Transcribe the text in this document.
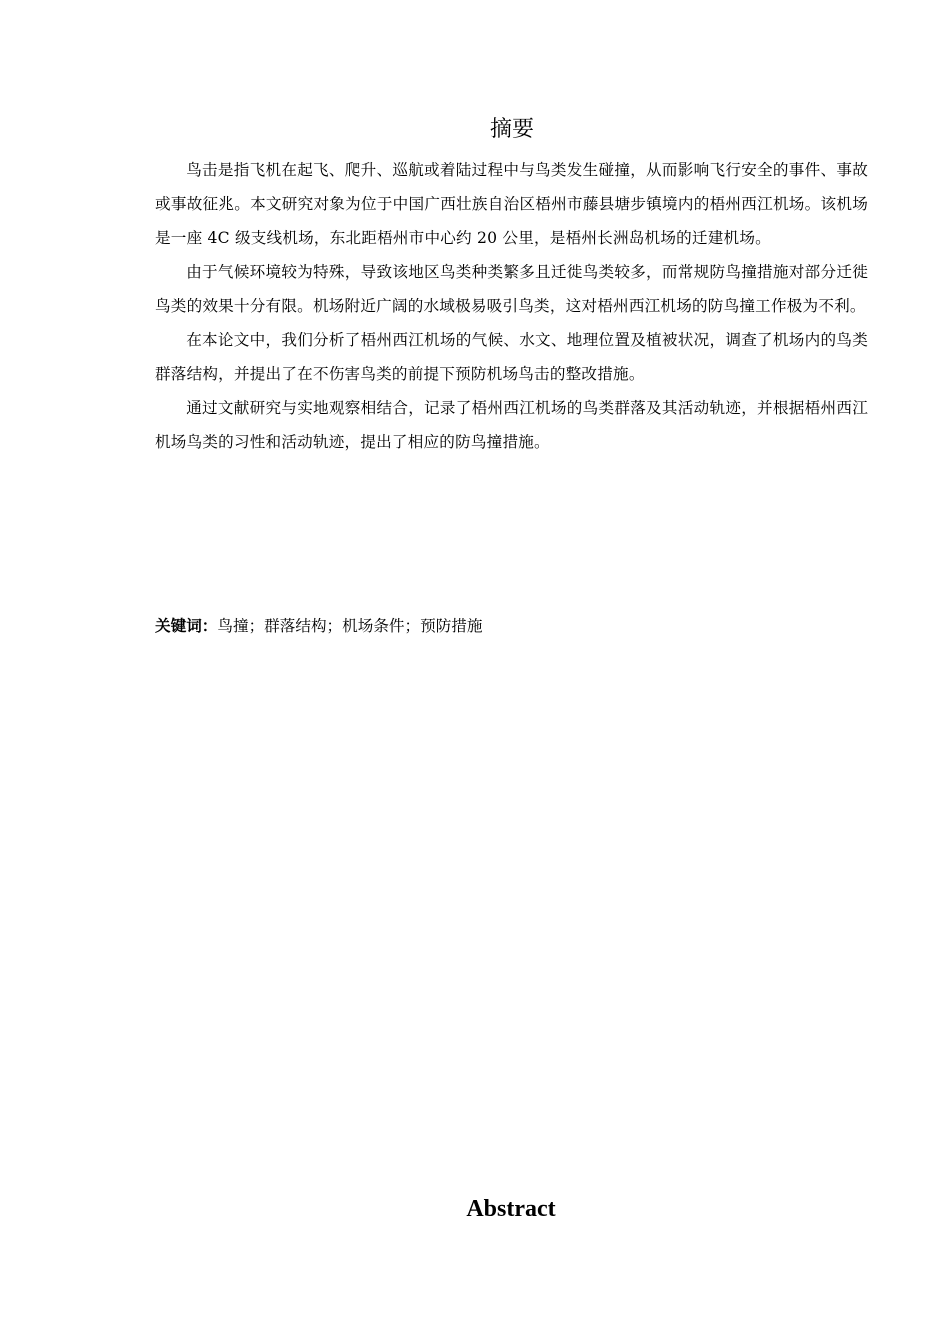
摘要

鸟击是指飞机在起飞、爬升、巡航或着陆过程中与鸟类发生碰撞，从而影响飞行安全的事件、事故或事故征兆。本文研究对象为位于中国广西壮族自治区梧州市藤县塘步镇境内的梧州西江机场。该机场是一座 4C 级支线机场，东北距梧州市中心约 20 公里，是梧州长洲岛机场的迁建机场。

由于气候环境较为特殊，导致该地区鸟类种类繁多且迁徙鸟类较多，而常规防鸟撞措施对部分迁徙鸟类的效果十分有限。机场附近广阔的水域极易吸引鸟类，这对梧州西江机场的防鸟撞工作极为不利。

在本论文中，我们分析了梧州西江机场的气候、水文、地理位置及植被状况，调查了机场内的鸟类群落结构，并提出了在不伤害鸟类的前提下预防机场鸟击的整改措施。

通过文献研究与实地观察相结合，记录了梧州西江机场的鸟类群落及其活动轨迹，并根据梧州西江机场鸟类的习性和活动轨迹，提出了相应的防鸟撞措施。

关键词：鸟撞；群落结构；机场条件；预防措施

Abstract
